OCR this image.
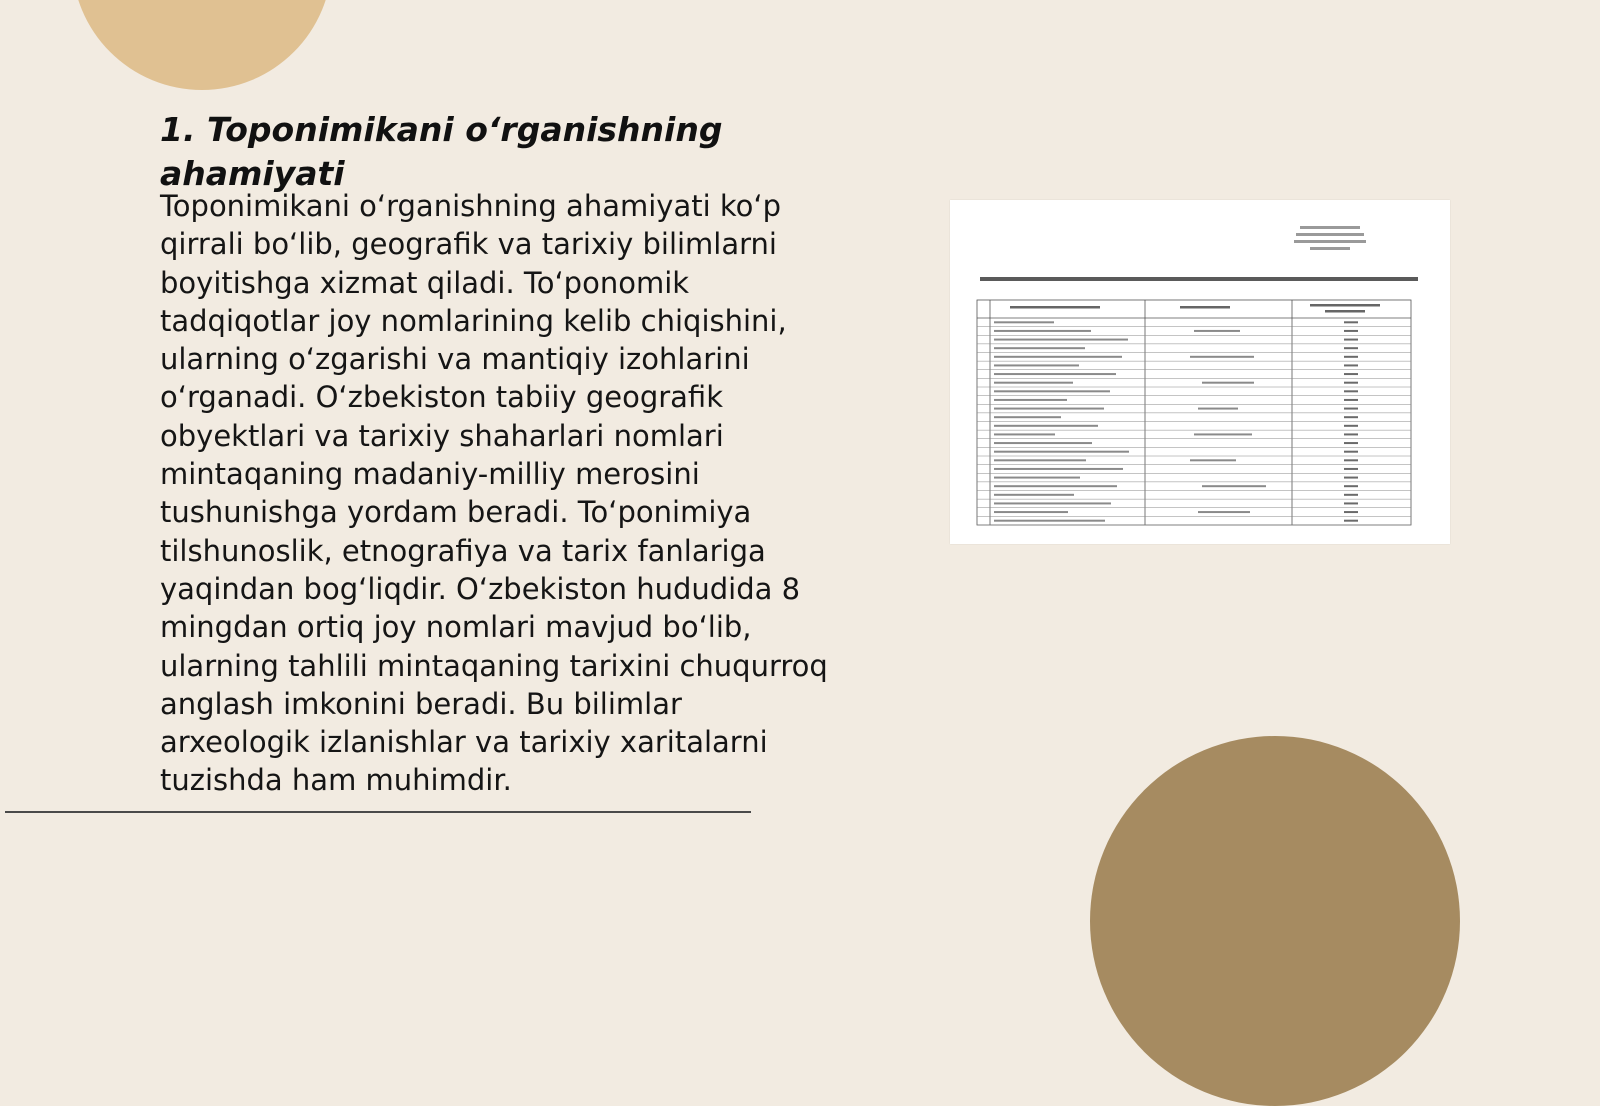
1. Toponimikani o‘rganishning ahamiyati

Toponimikani o‘rganishning ahamiyati ko‘p qirrali bo‘lib, geografik va tarixiy bilimlarni boyitishga xizmat qiladi. To‘ponomik tadqiqotlar joy nomlarining kelib chiqishini, ularning o‘zgarishi va mantiqiy izohlarini o‘rganadi. O‘zbekiston tabiiy geografik obyektlari va tarixiy shaharlari nomlari mintaqaning madaniy-milliy merosini tushunishga yordam beradi. To‘ponimiya tilshunoslik, etnografiya va tarix fanlariga yaqindan bog‘liqdir. O‘zbekiston hududida 8 mingdan ortiq joy nomlari mavjud bo‘lib, ularning tahlili mintaqaning tarixini chuqurroq anglash imkonini beradi. Bu bilimlar arxeologik izlanishlar va tarixiy xaritalarni tuzishda ham muhimdir.
